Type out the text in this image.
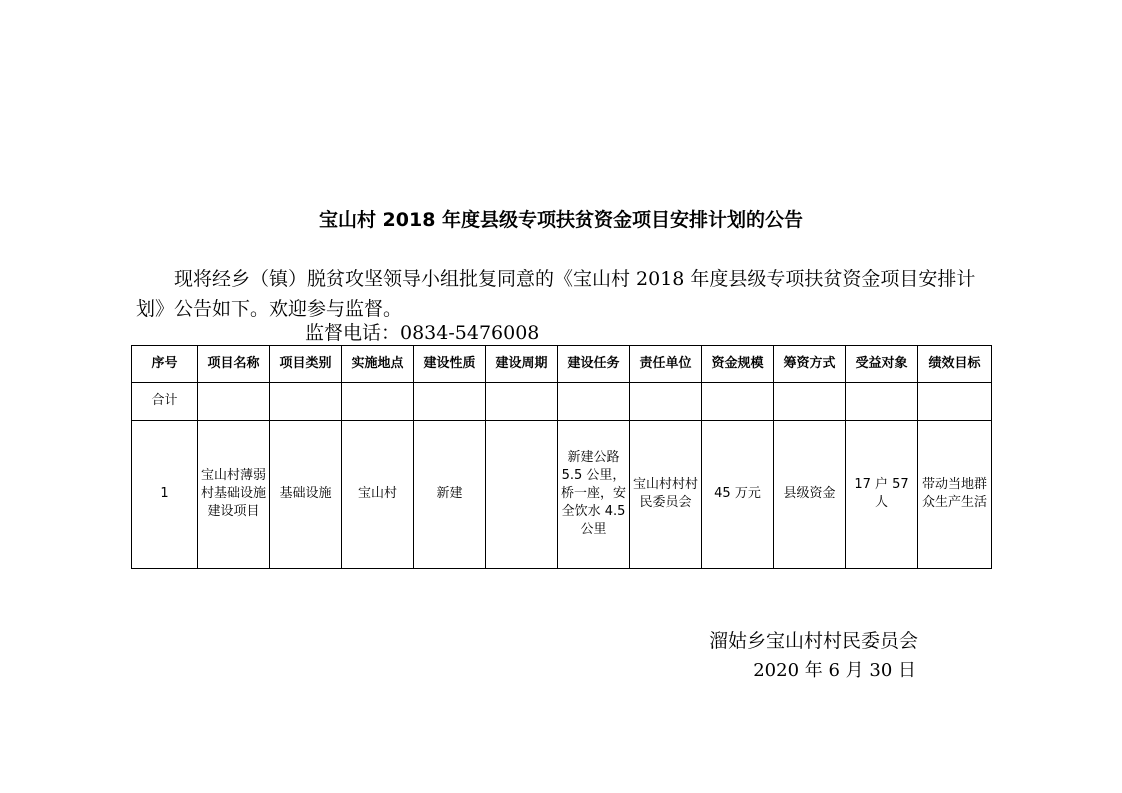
宝山村 2018 年度县级专项扶贫资金项目安排计划的公告

现将经乡（镇）脱贫攻坚领导小组批复同意的《宝山村 2018 年度县级专项扶贫资金项目安排计划》公告如下。欢迎参与监督。

监督电话：0834-5476008
序号	项目名称	项目类别	实施地点	建设性质	建设周期	建设任务	责任单位	资金规模	筹资方式	受益对象	绩效目标
合计											
1	宝山村薄弱村基础设施建设项目	基础设施	宝山村	新建		新建公路 5.5 公里，桥一座，安全饮水 4.5 公里	宝山村村村民委员会	45 万元	县级资金	17 户 57 人	带动当地群众生产生活
溜姑乡宝山村村民委员会
2020 年 6 月 30 日
